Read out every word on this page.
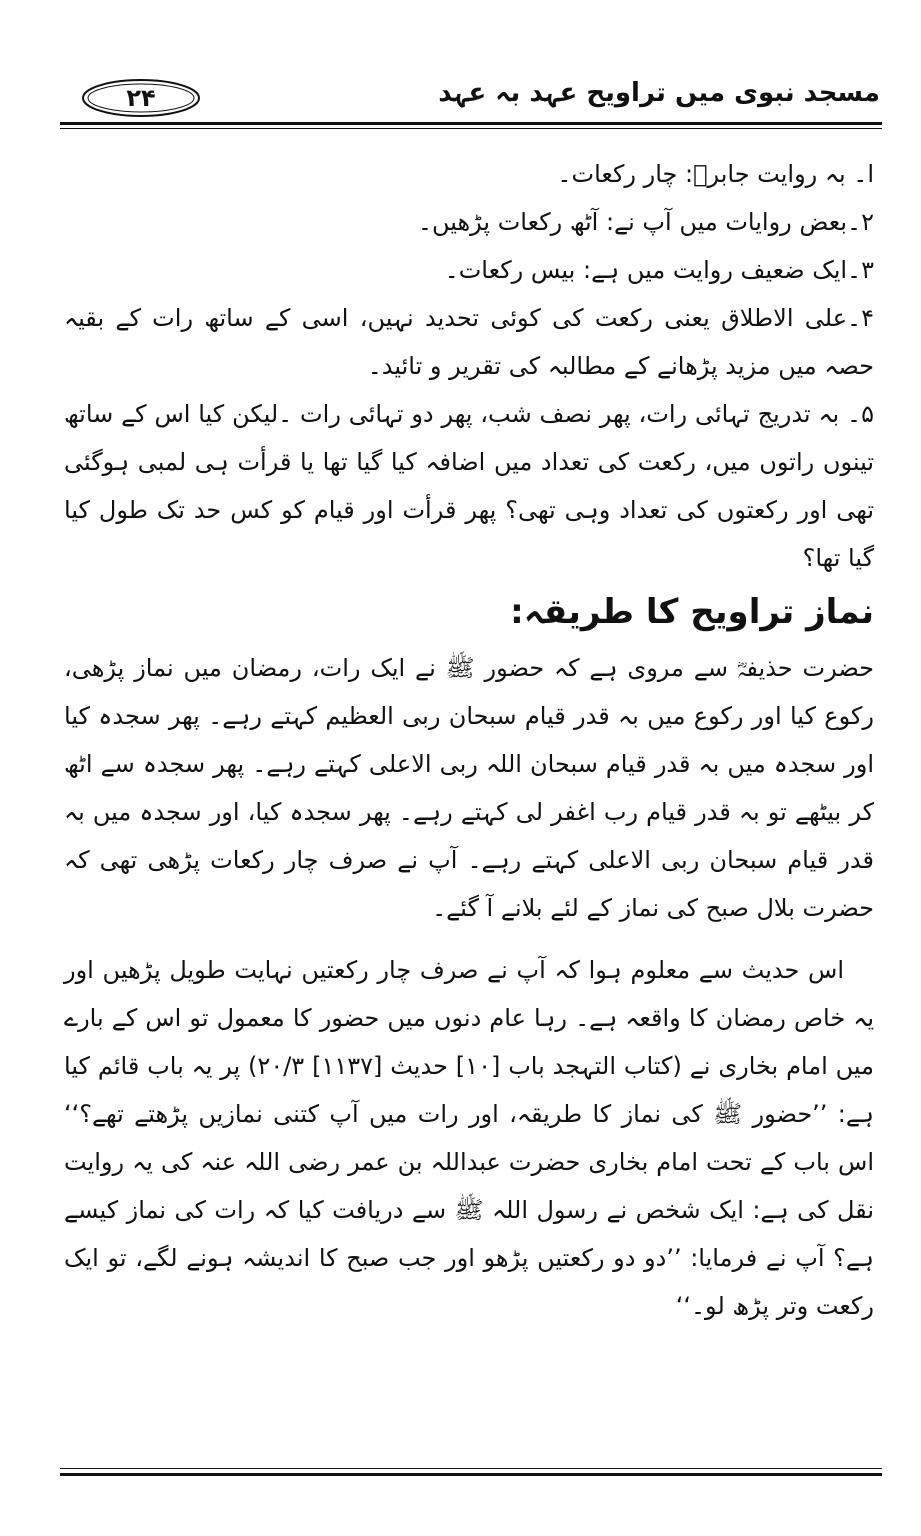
۲۴	مسجد نبوی میں تراویح عہد بہ عہد
ا۔ بہ روایت جابرؓ: چار رکعات۔
۲۔بعض روایات میں آپ نے: آٹھ رکعات پڑھیں۔
۳۔ایک ضعیف روایت میں ہے: بیس رکعات۔

۴۔علی الاطلاق یعنی رکعت کی کوئی تحدید نہیں، اسی کے ساتھ رات کے بقیہ حصہ میں مزید پڑھانے کے مطالبہ کی تقریر و تائید۔

۵۔ بہ تدریج تہائی رات، پھر نصف شب، پھر دو تہائی رات ۔لیکن کیا اس کے ساتھ تینوں راتوں میں، رکعت کی تعداد میں اضافہ کیا گیا تھا یا قرأت ہی لمبی ہوگئی تھی اور رکعتوں کی تعداد وہی تھی؟ پھر قرأت اور قیام کو کس حد تک طول کیا گیا تھا؟

نماز تراویح کا طریقہ:

حضرت حذیفہؓ سے مروی ہے کہ حضور ﷺ نے ایک رات، رمضان میں نماز پڑھی، رکوع کیا اور رکوع میں بہ قدر قیام سبحان ربی العظیم کہتے رہے۔ پھر سجدہ کیا اور سجدہ میں بہ قدر قیام سبحان اللہ ربی الاعلی کہتے رہے۔ پھر سجدہ سے اٹھ کر بیٹھے تو بہ قدر قیام رب اغفر لی کہتے رہے۔ پھر سجدہ کیا، اور سجدہ میں بہ قدر قیام سبحان ربی الاعلی کہتے رہے۔ آپ نے صرف چار رکعات پڑھی تھی کہ حضرت بلال صبح کی نماز کے لئے بلانے آ گئے۔

اس حدیث سے معلوم ہوا کہ آپ نے صرف چار رکعتیں نہایت طویل پڑھیں اور یہ خاص رمضان کا واقعہ ہے۔ رہا عام دنوں میں حضور کا معمول تو اس کے بارے میں امام بخاری نے (کتاب التہجد باب [۱۰] حدیث [۱۱۳۷] ۲۰/۳) پر یہ باب قائم کیا ہے: ’’حضور ﷺ کی نماز کا طریقہ، اور رات میں آپ کتنی نمازیں پڑھتے تھے؟‘‘ اس باب کے تحت امام بخاری حضرت عبداللہ بن عمر رضی اللہ عنہ کی یہ روایت نقل کی ہے: ایک شخص نے رسول اللہ ﷺ سے دریافت کیا کہ رات کی نماز کیسے ہے؟ آپ نے فرمایا: ’’دو دو رکعتیں پڑھو اور جب صبح کا اندیشہ ہونے لگے، تو ایک رکعت وتر پڑھ لو۔‘‘
